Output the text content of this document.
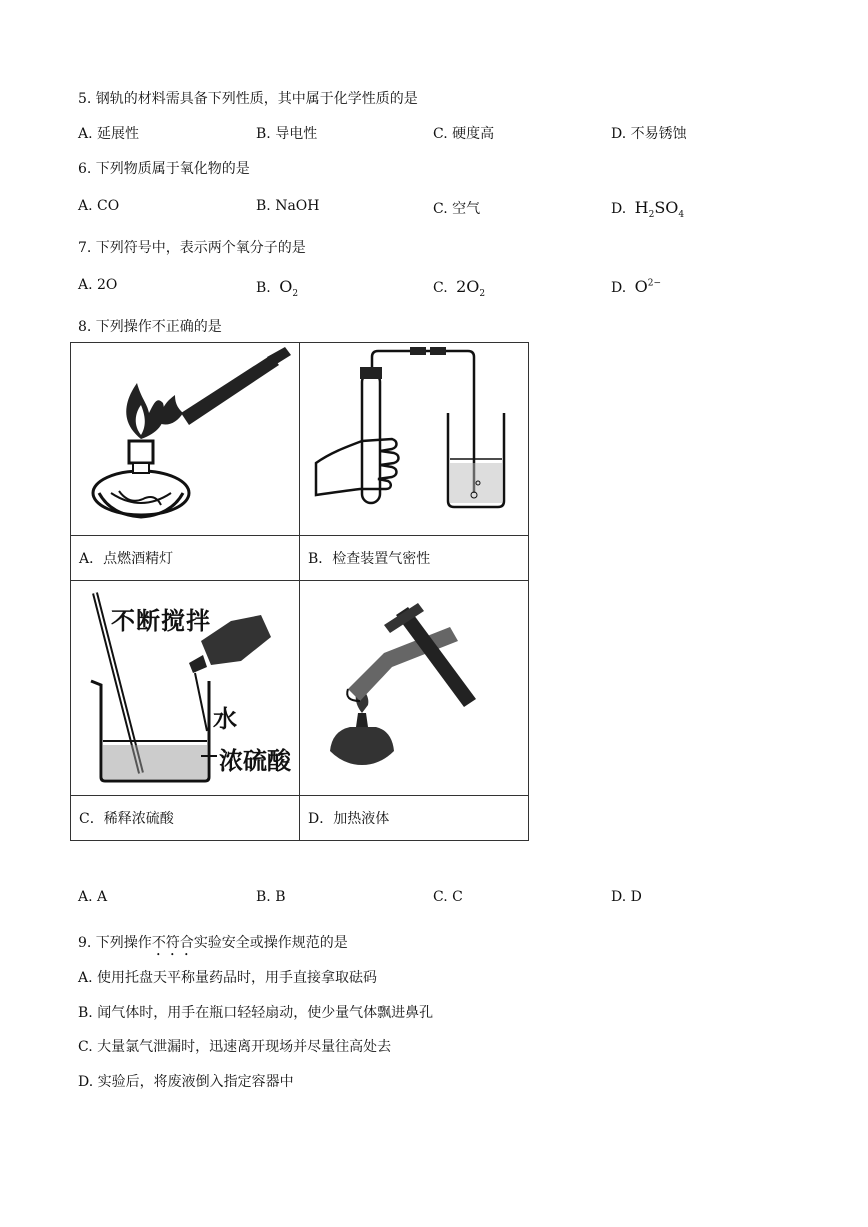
5. 钢轨的材料需具备下列性质，其中属于化学性质的是
A. 延展性	B. 导电性	C. 硬度高	D. 不易锈蚀
6. 下列物质属于氧化物的是
A. CO	B. NaOH	C. 空气	D. $H_2SO_4$
7. 下列符号中，表示两个氧分子的是
A. 2O	B. $O_2$	C. $2O_2$	D. $O^{2-}$
8. 下列操作不正确的是

A．点燃酒精灯	B．检查装置气密性

不断搅拌
水
浓硫酸

C．稀释浓硫酸	D．加热液体
A. A	B. B	C. C	D. D
9. 下列操作不符合实验安全或操作规范的是
A. 使用托盘天平称量药品时，用手直接拿取砝码
B. 闻气体时，用手在瓶口轻轻扇动，使少量气体飘进鼻孔
C. 大量氯气泄漏时，迅速离开现场并尽量往高处去
D. 实验后，将废液倒入指定容器中
